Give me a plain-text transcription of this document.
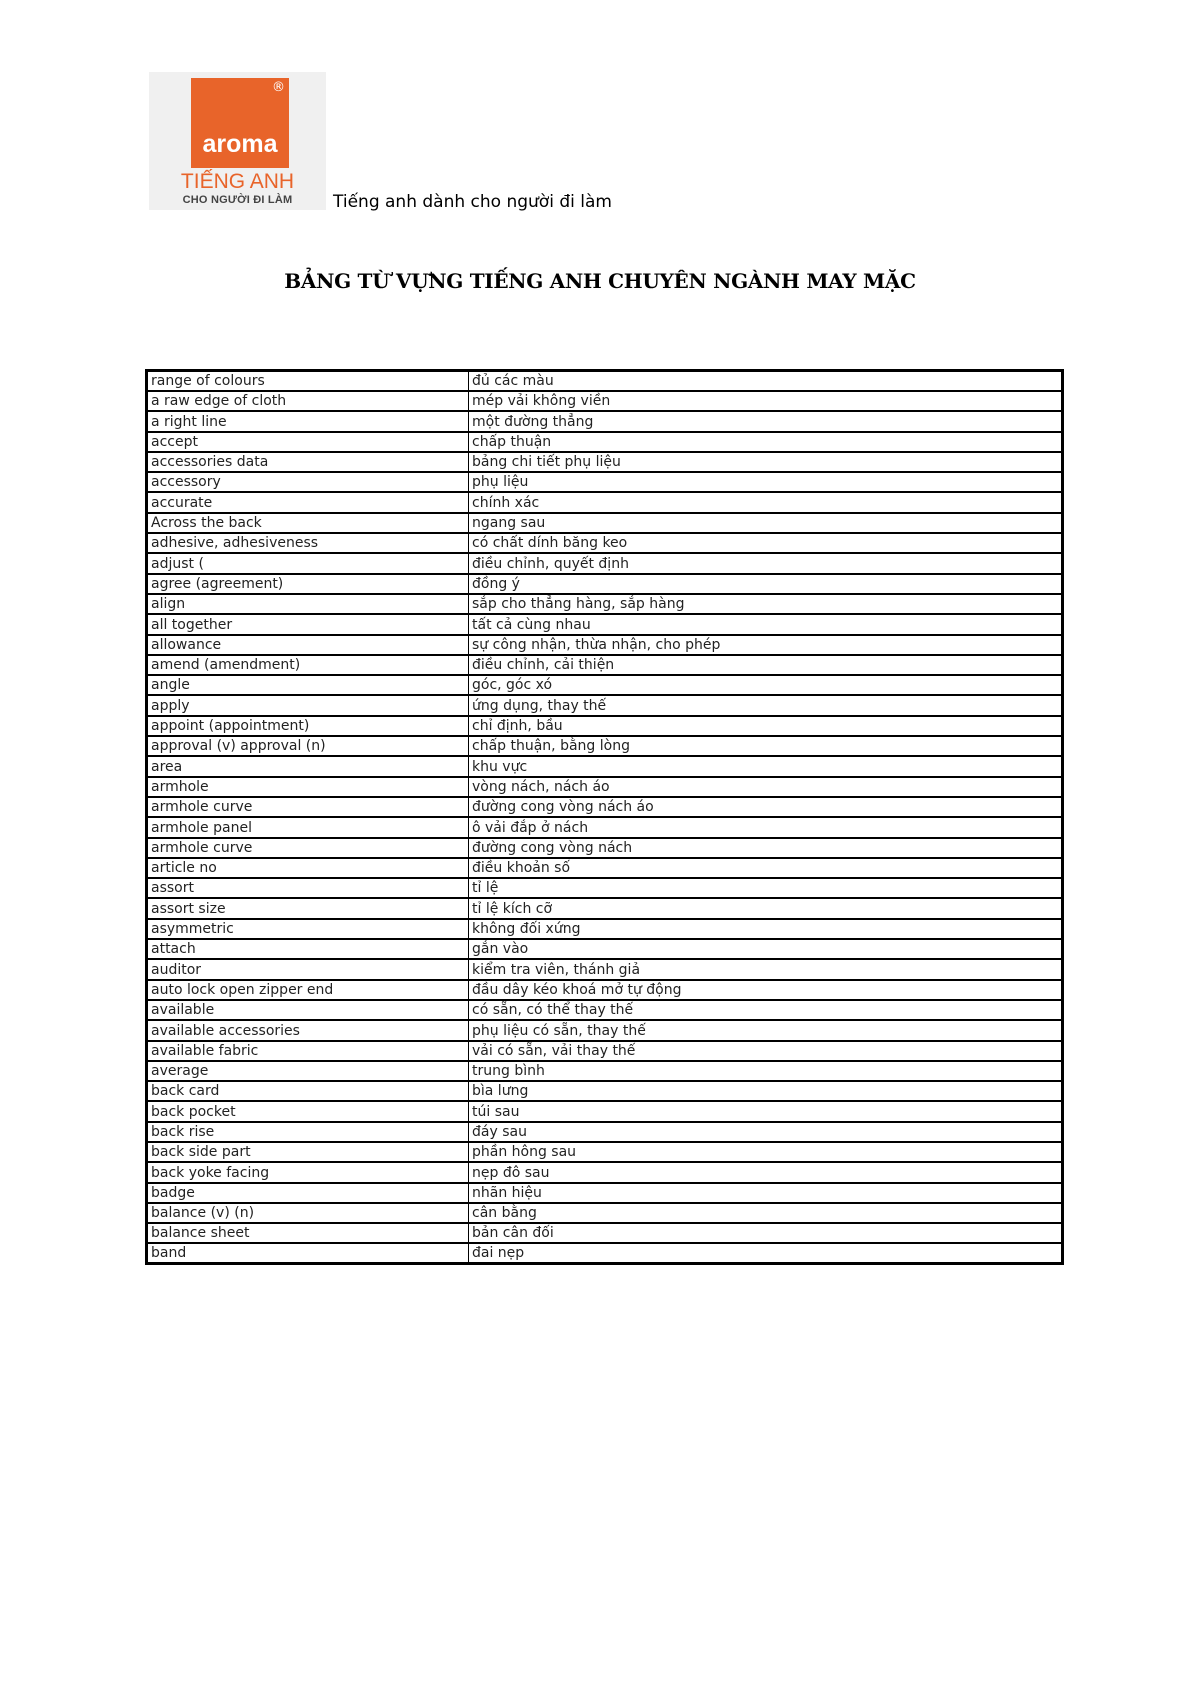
®
aroma
TIẾNG ANH
CHO NGƯỜI ĐI LÀM	Tiếng anh dành cho người đi làm
BẢNG TỪ VỰNG TIẾNG ANH CHUYÊN NGÀNH MAY MẶC
range of colours	đủ các màu
a raw edge of cloth	mép vải không viền
a right line	một đường thẳng
accept	chấp thuận
accessories data	bảng chi tiết phụ liệu
accessory	phụ liệu
accurate	chính xác
Across the back	ngang sau
adhesive, adhesiveness	có chất dính băng keo
adjust (	điều chỉnh, quyết định
agree (agreement)	đồng ý
align	sắp cho thẳng hàng, sắp hàng
all together	tất cả cùng nhau
allowance	sự công nhận, thừa nhận, cho phép
amend (amendment)	điều chỉnh, cải thiện
angle	góc, góc xó
apply	ứng dụng, thay thế
appoint (appointment)	chỉ định, bầu
approval (v) approval (n)	chấp thuận, bằng lòng
area	khu vực
armhole	vòng nách, nách áo
armhole curve	đường cong vòng nách áo
armhole panel	ô vải đắp ở nách
armhole curve	đường cong vòng nách
article no	điều khoản số
assort	tỉ lệ
assort size	tỉ lệ kích cỡ
asymmetric	không đối xứng
attach	gắn vào
auditor	kiểm tra viên, thánh giả
auto lock open zipper end	đầu dây kéo khoá mở tự động
available	có sẵn, có thể thay thế
available accessories	phụ liệu có sẵn, thay thế
available fabric	vải có sẵn, vải thay thế
average	trung bình
back card	bìa lưng
back pocket	túi sau
back rise	đáy sau
back side part	phần hông sau
back yoke facing	nẹp đô sau
badge	nhãn hiệu
balance (v) (n)	cân bằng
balance sheet	bản cân đối
band	đai nẹp
